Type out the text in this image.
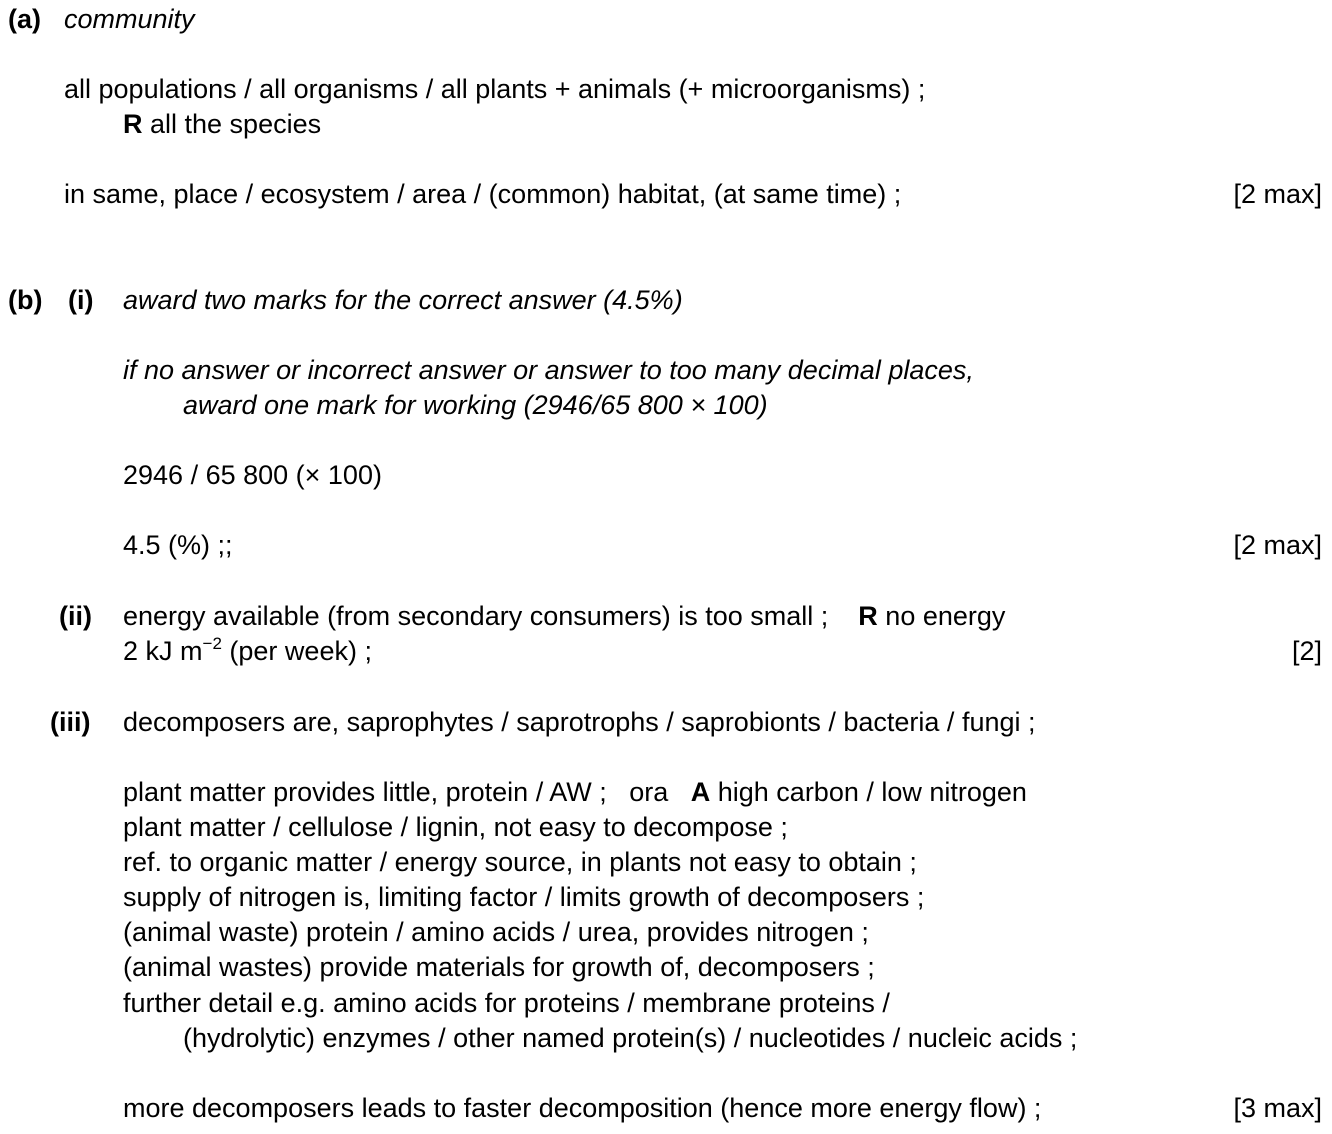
(a) community
all populations / all organisms / all plants + animals (+ microorganisms) ;
R all the species
in same, place / ecosystem / area / (common) habitat, (at same time) ;	[2 max]
(b) (i) award two marks for the correct answer (4.5%)
if no answer or incorrect answer or answer to too many decimal places,
award one mark for working (2946/65 800 × 100)
2946 / 65 800 (× 100)
4.5 (%) ;;	[2 max]
(ii) energy available (from secondary consumers) is too small ; R no energy
2 kJ $m^{-2}$ (per week) ;	[2]
(iii) decomposers are, saprophytes / saprotrophs / saprobionts / bacteria / fungi ;
plant matter provides little, protein / AW ;   ora   A high carbon / low nitrogen
plant matter / cellulose / lignin, not easy to decompose ;
ref. to organic matter / energy source, in plants not easy to obtain ;
supply of nitrogen is, limiting factor / limits growth of decomposers ;
(animal waste) protein / amino acids / urea, provides nitrogen ;
(animal wastes) provide materials for growth of, decomposers ;
further detail e.g. amino acids for proteins / membrane proteins /
(hydrolytic) enzymes / other named protein(s) / nucleotides / nucleic acids ;
more decomposers leads to faster decomposition (hence more energy flow) ;	[3 max]
